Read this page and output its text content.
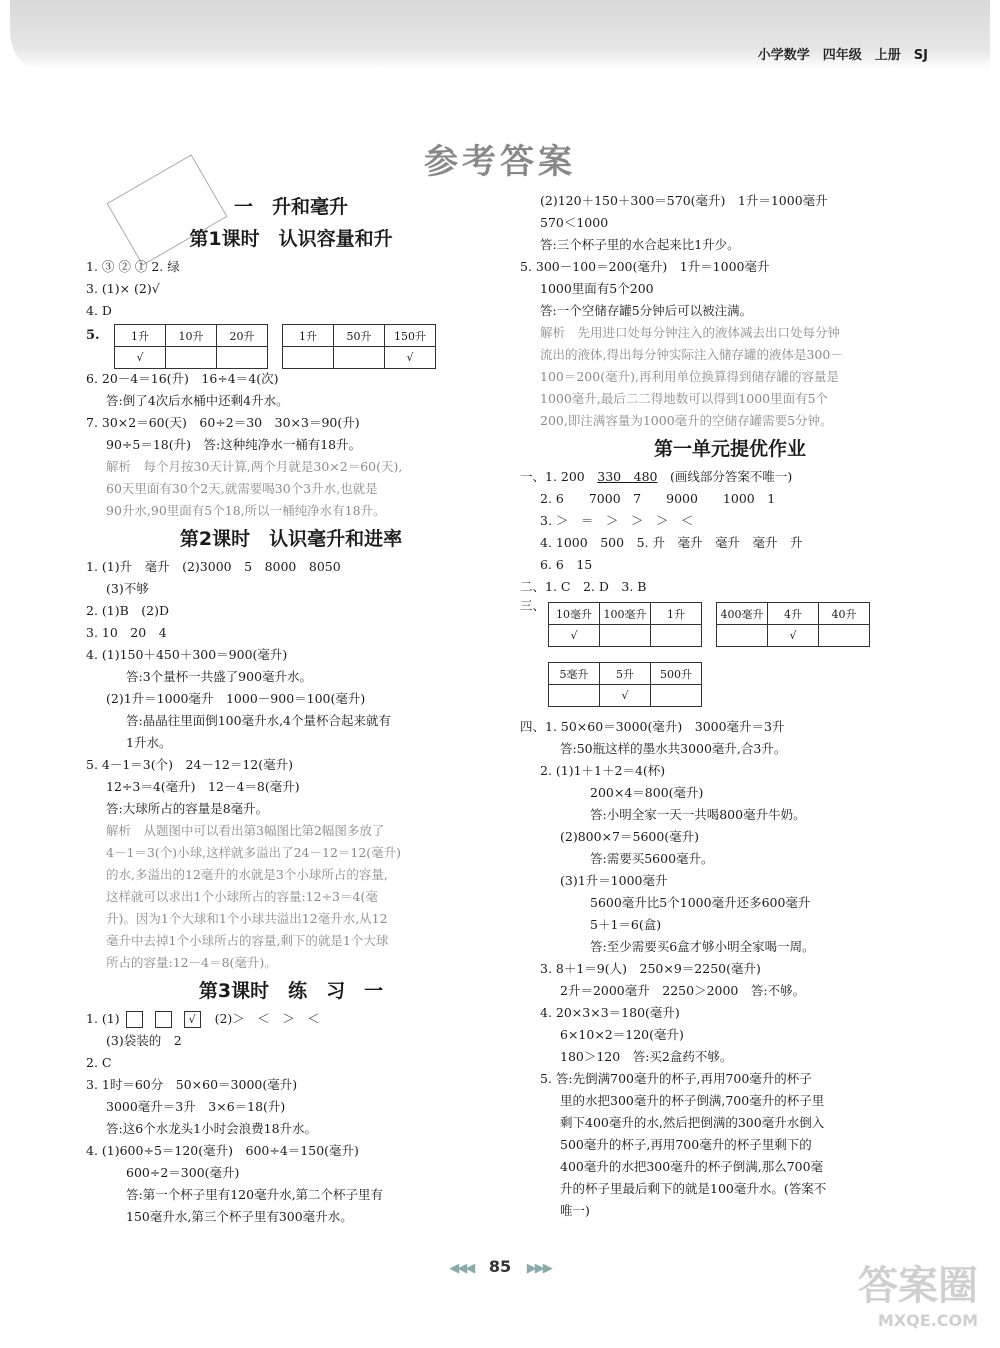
小学数学　四年级　上册　SJ
参考答案
一　升和毫升
第1课时　认识容量和升
1. ③ ② ① 2. 绿
3. (1)× (2)√
4. D
5.	1升	10升	20升
√		
1升	50升	150升
		√
6. 20－4＝16(升)　16÷4＝4(次)
答:倒了4次后水桶中还剩4升水。
7. 30×2＝60(天)　60÷2＝30　30×3＝90(升)
90÷5＝18(升)　答:这种纯净水一桶有18升。
解析　每个月按30天计算,两个月就是30×2＝60(天),
60天里面有30个2天,就需要喝30个3升水,也就是
90升水,90里面有5个18,所以一桶纯净水有18升。
第2课时　认识毫升和进率
1. (1)升　毫升　(2)3000　5　8000　8050
(3)不够
2. (1)B　(2)D
3. 10　20　4
4. (1)150＋450＋300＝900(毫升)
答:3个量杯一共盛了900毫升水。
(2)1升＝1000毫升　1000－900＝100(毫升)
答:晶晶往里面倒100毫升水,4个量杯合起来就有
1升水。
5. 4－1＝3(个)　24－12＝12(毫升)
12÷3＝4(毫升)　12－4＝8(毫升)
答:大球所占的容量是8毫升。
解析　从题图中可以看出第3幅图比第2幅图多放了
4－1＝3(个)小球,这样就多溢出了24－12＝12(毫升)
的水,多溢出的12毫升的水就是3个小球所占的容量,
这样就可以求出1个小球所占的容量:12÷3＝4(毫
升)。因为1个大球和1个小球共溢出12毫升水,从12
毫升中去掉1个小球所占的容量,剩下的就是1个大球
所占的容量:12－4＝8(毫升)。
第3课时　练　习　一
1. (1)	√ (2)＞　＜　＞　＜
(3)袋装的　2
2. C
3. 1时＝60分　50×60＝3000(毫升)
3000毫升＝3升　3×6＝18(升)
答:这6个水龙头1小时会浪费18升水。
4. (1)600÷5＝120(毫升)　600÷4＝150(毫升)
600÷2＝300(毫升)
答:第一个杯子里有120毫升水,第二个杯子里有
150毫升水,第三个杯子里有300毫升水。
(2)120＋150＋300＝570(毫升)　1升＝1000毫升
570＜1000
答:三个杯子里的水合起来比1升少。
5. 300－100＝200(毫升)　1升＝1000毫升
1000里面有5个200
答:一个空储存罐5分钟后可以被注满。
解析　先用进口处每分钟注入的液体减去出口处每分钟
流出的液体,得出每分钟实际注入储存罐的液体是300－
100＝200(毫升),再利用单位换算得到储存罐的容量是
1000毫升,最后二二得地数可以得到1000里面有5个
200,即注满容量为1000毫升的空储存罐需要5分钟。
第一单元提优作业
一、1. 200　330　480　(画线部分答案不唯一)
2. 6　　7000　7　　9000　　1000　1
3. ＞　＝　＞　＞　＞　＜
4. 1000　500　5. 升　毫升　毫升　毫升　升
6. 6　15
二、1. C　2. D　3. B
三、
10毫升	100毫升	1升
√		
400毫升	4升	40升
	√	
5毫升	5升	500升
	√	
四、1. 50×60＝3000(毫升)　3000毫升＝3升
答:50瓶这样的墨水共3000毫升,合3升。
2. (1)1＋1＋2＝4(杯)
200×4＝800(毫升)
答:小明全家一天一共喝800毫升牛奶。
(2)800×7＝5600(毫升)
答:需要买5600毫升。
(3)1升＝1000毫升
5600毫升比5个1000毫升还多600毫升
5＋1＝6(盒)
答:至少需要买6盒才够小明全家喝一周。
3. 8＋1＝9(人)　250×9＝2250(毫升)
2升＝2000毫升　2250＞2000　答:不够。
4. 20×3×3＝180(毫升)
6×10×2＝120(毫升)
180＞120　答:买2盒药不够。
5. 答:先倒满700毫升的杯子,再用700毫升的杯子
里的水把300毫升的杯子倒满,700毫升的杯子里
剩下400毫升的水,然后把倒满的300毫升水倒入
500毫升的杯子,再用700毫升的杯子里剩下的
400毫升的水把300毫升的杯子倒满,那么700毫
升的杯子里最后剩下的就是100毫升水。(答案不
唯一)
◀◀◀ 85 ▶▶▶	答案圈
MXQE.COM
